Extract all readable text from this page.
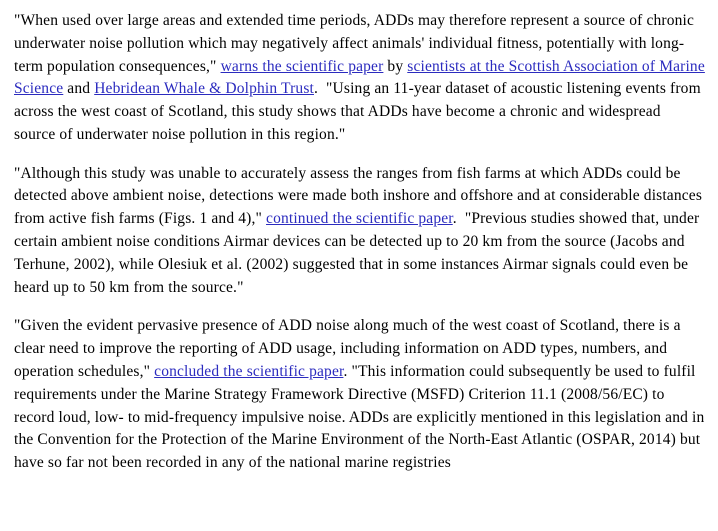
"When used over large areas and extended time periods, ADDs may therefore represent a source of chronic underwater noise pollution which may negatively affect animals' individual fitness, potentially with long-term population consequences," warns the scientific paper by scientists at the Scottish Association of Marine Science and Hebridean Whale & Dolphin Trust.  "Using an 11-year dataset of acoustic listening events from across the west coast of Scotland, this study shows that ADDs have become a chronic and widespread source of underwater noise pollution in this region."

"Although this study was unable to accurately assess the ranges from fish farms at which ADDs could be detected above ambient noise, detections were made both inshore and offshore and at considerable distances from active fish farms (Figs. 1 and 4)," continued the scientific paper.  "Previous studies showed that, under certain ambient noise conditions Airmar devices can be detected up to 20 km from the source (Jacobs and Terhune, 2002), while Olesiuk et al. (2002) suggested that in some instances Airmar signals could even be heard up to 50 km from the source."

"Given the evident pervasive presence of ADD noise along much of the west coast of Scotland, there is a clear need to improve the reporting of ADD usage, including information on ADD types, numbers, and operation schedules," concluded the scientific paper. "This information could subsequently be used to fulfil requirements under the Marine Strategy Framework Directive (MSFD) Criterion 11.1 (2008/56/EC) to record loud, low- to mid-frequency impulsive noise. ADDs are explicitly mentioned in this legislation and in the Convention for the Protection of the Marine Environment of the North-East Atlantic (OSPAR, 2014) but have so far not been recorded in any of the national marine registries
